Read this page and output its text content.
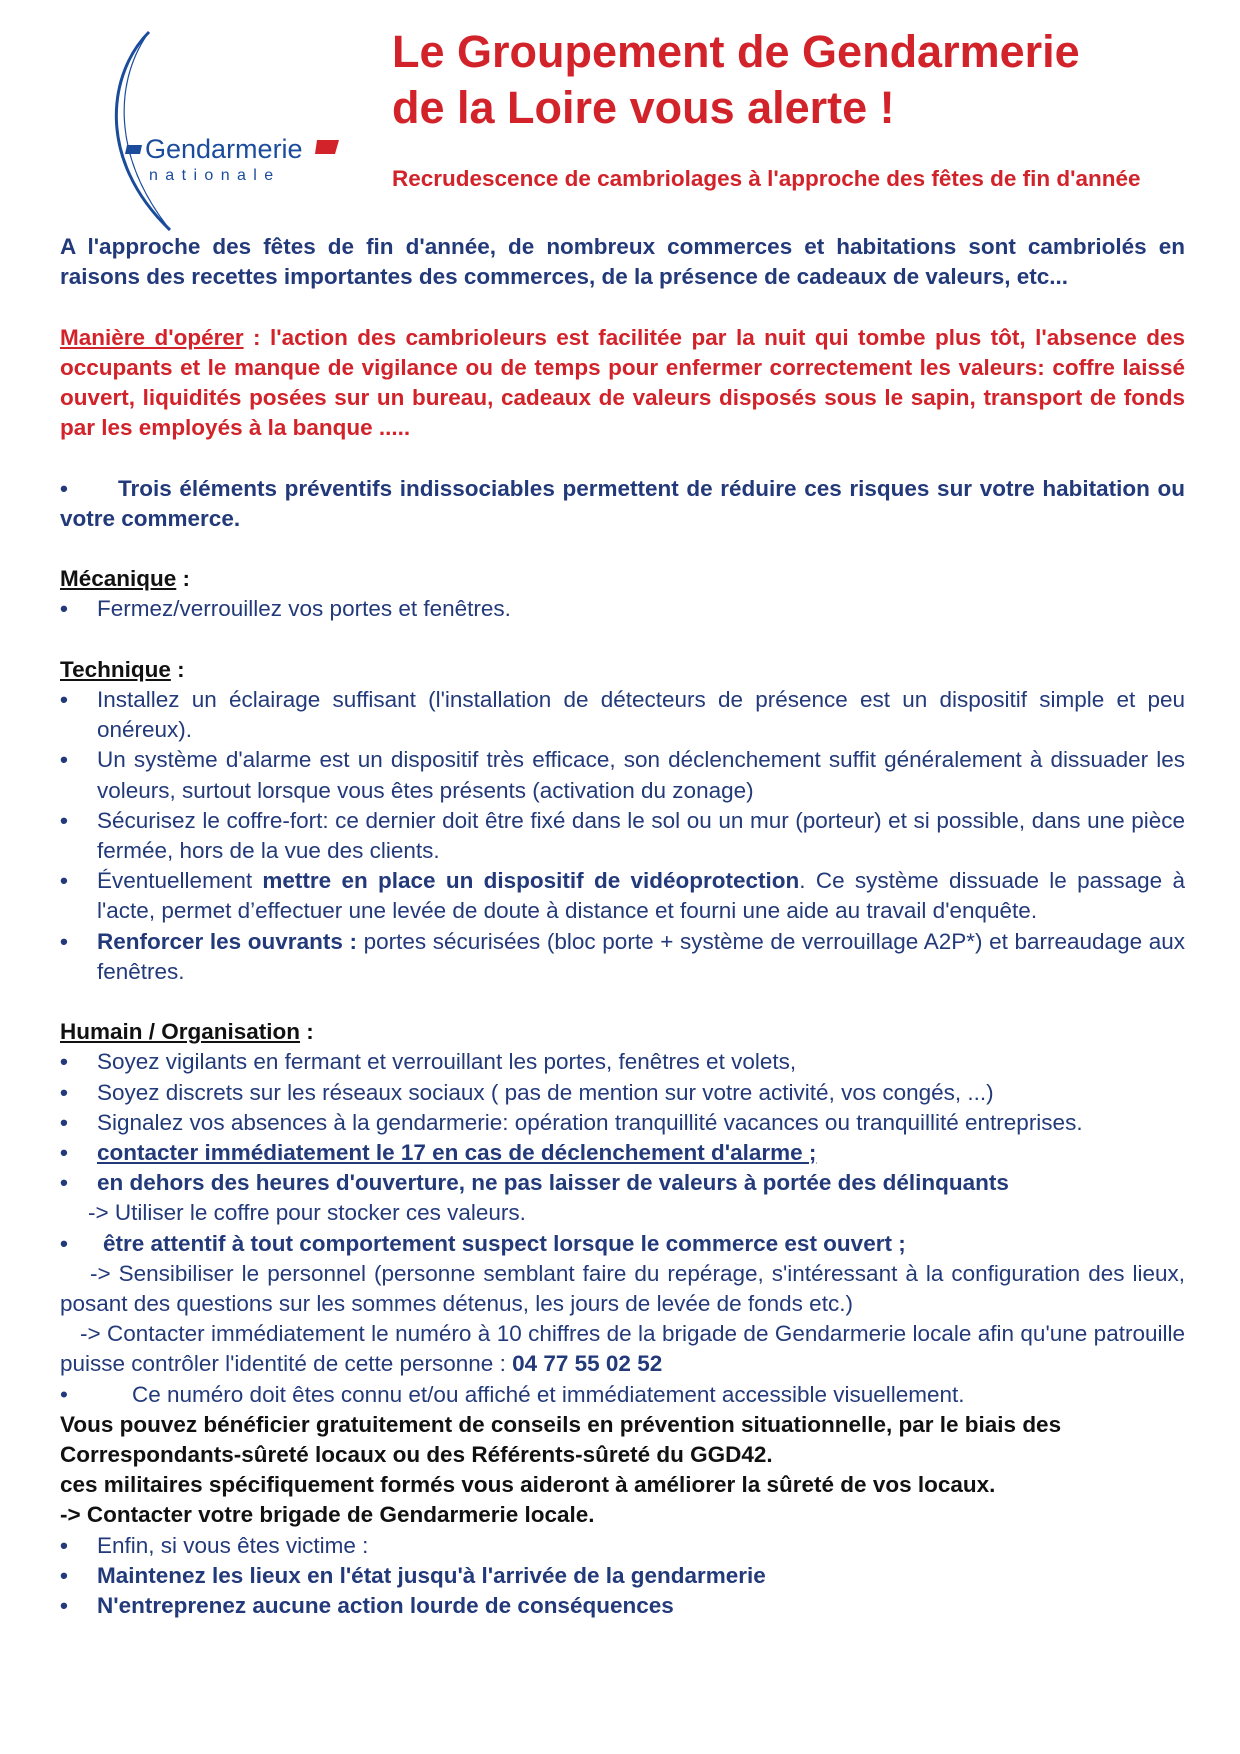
Gendarmerie
nationale
Le Groupement de Gendarmerie
de la Loire vous alerte !
Recrudescence de cambriolages à l'approche des fêtes de fin d'année

A l'approche des fêtes de fin d'année, de nombreux commerces et habitations sont cambriolés en raisons des recettes importantes des commerces, de la présence de cadeaux de valeurs, etc...

Manière d'opérer : l'action des cambrioleurs est facilitée par la nuit qui tombe plus tôt, l'absence des occupants et le manque de vigilance ou de temps pour enfermer correctement les valeurs: coffre laissé ouvert, liquidités posées sur un bureau, cadeaux de valeurs disposés sous le sapin, transport de fonds par les employés à la banque .....

• Trois éléments préventifs indissociables permettent de réduire ces risques sur votre habitation ou votre commerce.

Mécanique :

• Fermez/verrouillez vos portes et fenêtres.

Technique :

• Installez un éclairage suffisant (l'installation de détecteurs de présence est un dispositif simple et peu onéreux).

• Un système d'alarme est un dispositif très efficace, son déclenchement suffit généralement à dissuader les voleurs, surtout lorsque vous êtes présents (activation du zonage)

• Sécurisez le coffre-fort: ce dernier doit être fixé dans le sol ou un mur (porteur) et si possible, dans une pièce fermée, hors de la vue des clients.

• Éventuellement mettre en place un dispositif de vidéoprotection. Ce système dissuade le passage à l'acte, permet d’effectuer une levée de doute à distance et fourni une aide au travail d'enquête.

• Renforcer les ouvrants : portes sécurisées (bloc porte + système de verrouillage A2P*) et barreaudage aux fenêtres.

Humain / Organisation :

• Soyez vigilants en fermant et verrouillant les portes, fenêtres et volets,

• Soyez discrets sur les réseaux sociaux ( pas de mention sur votre activité, vos congés, ...)

• Signalez vos absences à la gendarmerie: opération tranquillité vacances ou tranquillité entreprises.

• contacter immédiatement le 17 en cas de déclenchement d'alarme ;

• en dehors des heures d'ouverture, ne pas laisser de valeurs à portée des délinquants

-> Utiliser le coffre pour stocker ces valeurs.

• être attentif à tout comportement suspect lorsque le commerce est ouvert ;

-> Sensibiliser le personnel (personne semblant faire du repérage, s'intéressant à la configuration des lieux, posant des questions sur les sommes détenus, les jours de levée de fonds etc.)

-> Contacter immédiatement le numéro à 10 chiffres de la brigade de Gendarmerie locale afin qu'une patrouille puisse contrôler l'identité de cette personne : 04 77 55 02 52

•	Ce numéro doit êtes connu et/ou affiché et immédiatement accessible visuellement.

Vous pouvez bénéficier gratuitement de conseils en prévention situationnelle, par le biais des Correspondants-sûreté locaux ou des Référents-sûreté du GGD42.

ces militaires spécifiquement formés vous aideront à améliorer la sûreté de vos locaux.

-> Contacter votre brigade de Gendarmerie locale.

• Enfin, si vous êtes victime :

• Maintenez les lieux en l'état jusqu'à l'arrivée de la gendarmerie

• N'entreprenez aucune action lourde de conséquences
